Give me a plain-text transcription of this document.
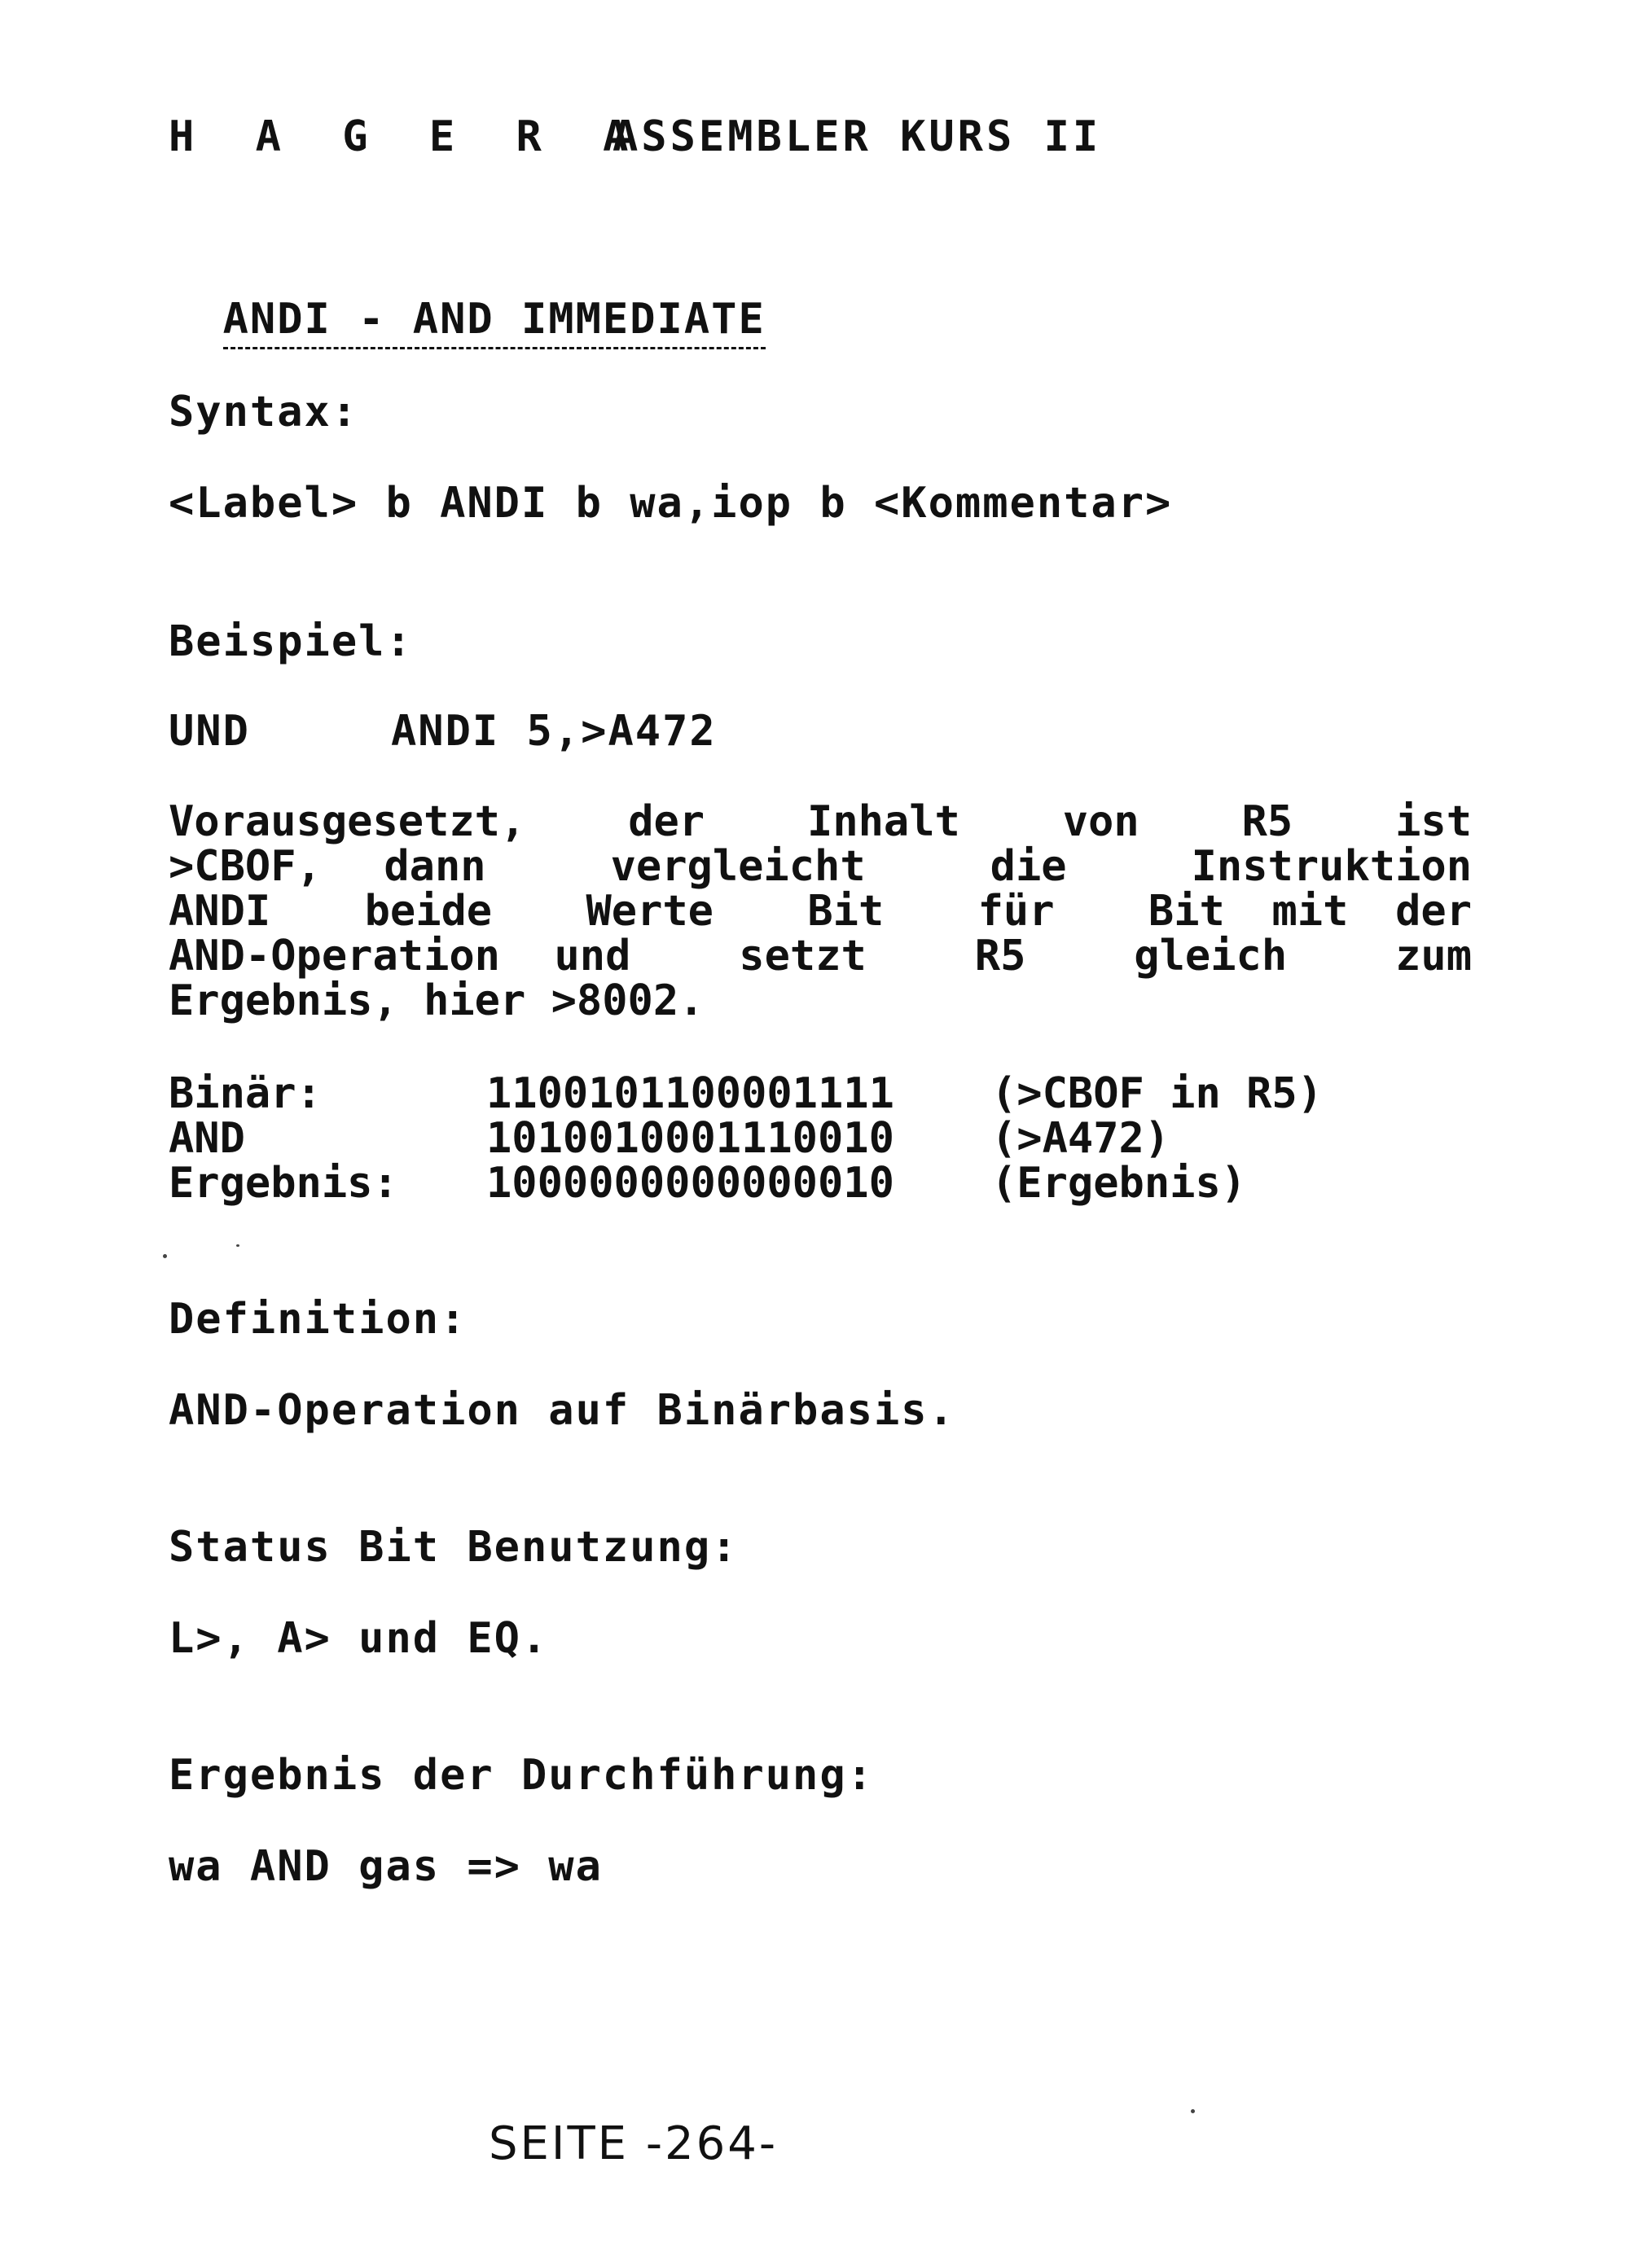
H A G E R A
ASSEMBLER KURS II

ANDI - AND IMMEDIATE

Syntax:
<Label> b ANDI b wa,iop b <Kommentar>
Beispiel:
UND	ANDI 5,>A472
Vorausgesetzt,  der  Inhalt  von  R5  ist
>CBOF, dann  vergleicht  die  Instruktion
ANDI  beide  Werte  Bit  für  Bit mit der
AND-Operation und  setzt  R5  gleich  zum
Ergebnis, hier >8002.
Binär:	1100101100001111	(>CBOF in R5)
AND	1010010001110010	(>A472)
Ergebnis:	1000000000000010	(Ergebnis)
Definition:
AND-Operation auf Binärbasis.
Status Bit Benutzung:
L>, A> und EQ.
Ergebnis der Durchführung:
wa AND gas => wa
SEITE -264-
